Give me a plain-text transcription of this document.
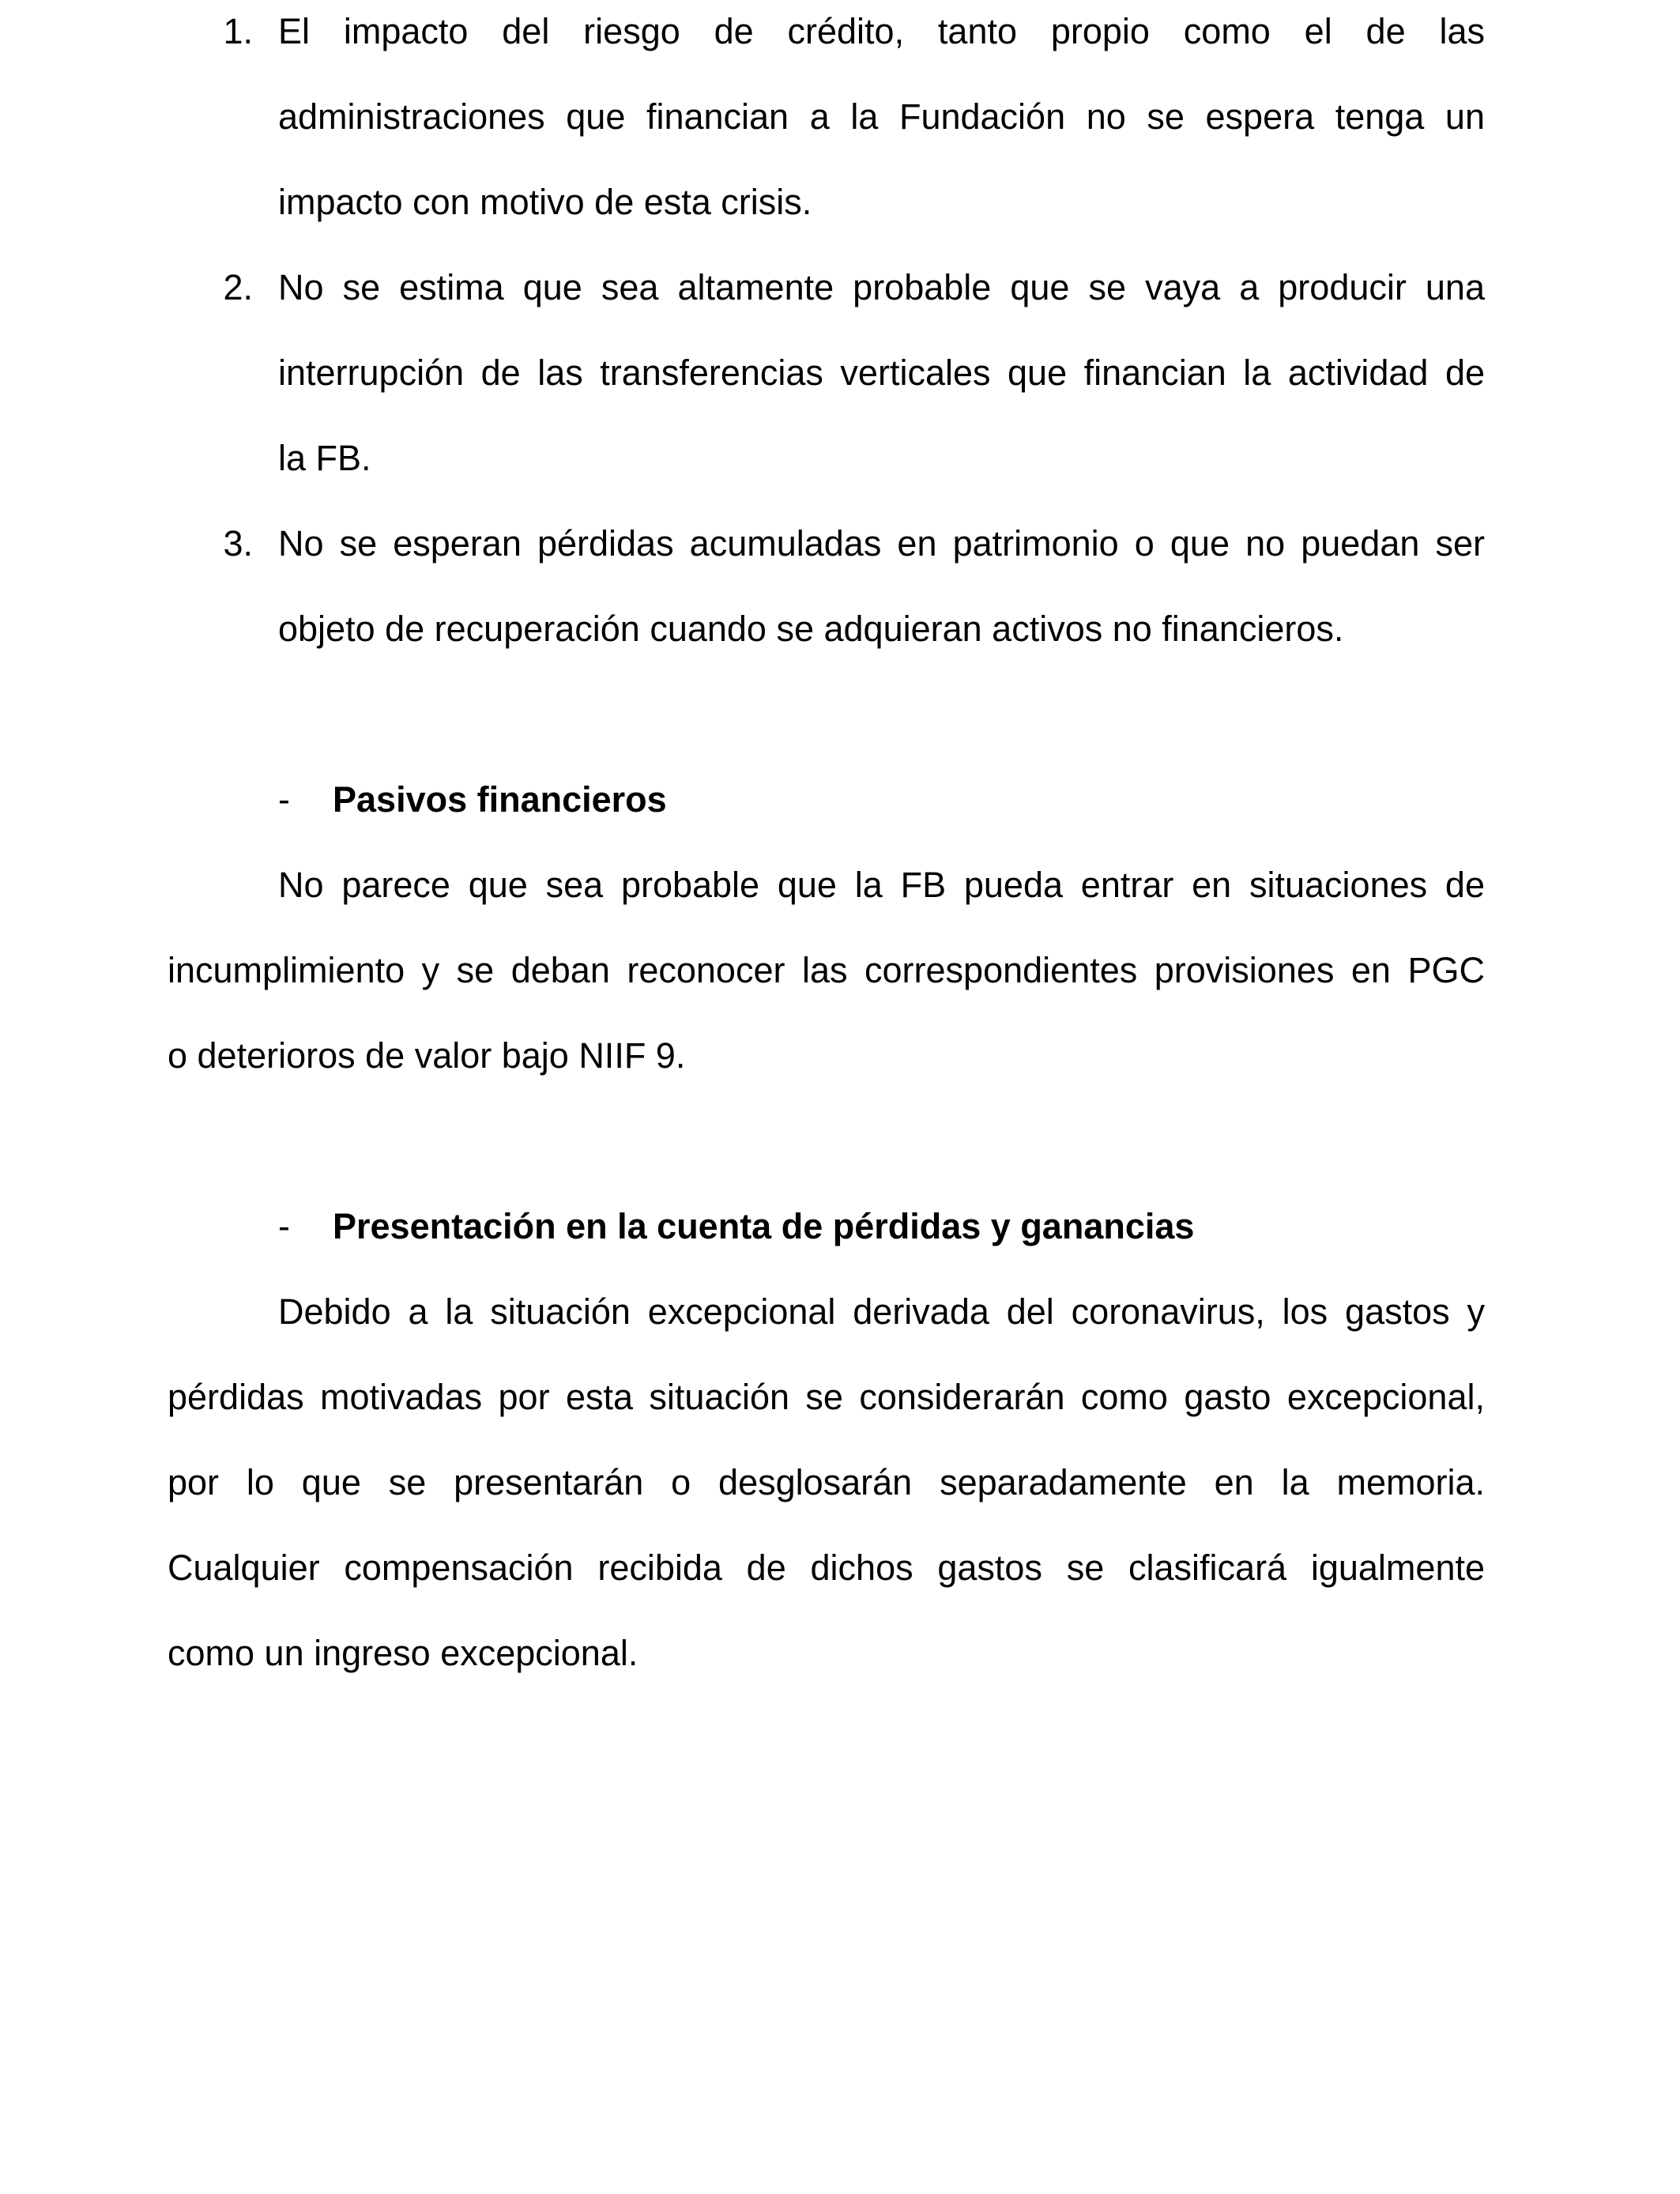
1. El impacto del riesgo de crédito, tanto propio como el de las
administraciones que financian a la Fundación no se espera tenga un
impacto con motivo de esta crisis.
2. No se estima que sea altamente probable que se vaya a producir una
interrupción de las transferencias verticales que financian la actividad de
la FB.
3. No se esperan pérdidas acumuladas en patrimonio o que no puedan ser
objeto de recuperación cuando se adquieran activos no financieros.
- Pasivos financieros
No parece que sea probable que la FB pueda entrar en situaciones de
incumplimiento y se deban reconocer las correspondientes provisiones en PGC
o deterioros de valor bajo NIIF 9.
- Presentación en la cuenta de pérdidas y ganancias
Debido a la situación excepcional derivada del coronavirus, los gastos y
pérdidas motivadas por esta situación se considerarán como gasto excepcional,
por lo que se presentarán o desglosarán separadamente en la memoria.
Cualquier compensación recibida de dichos gastos se clasificará igualmente
como un ingreso excepcional.
